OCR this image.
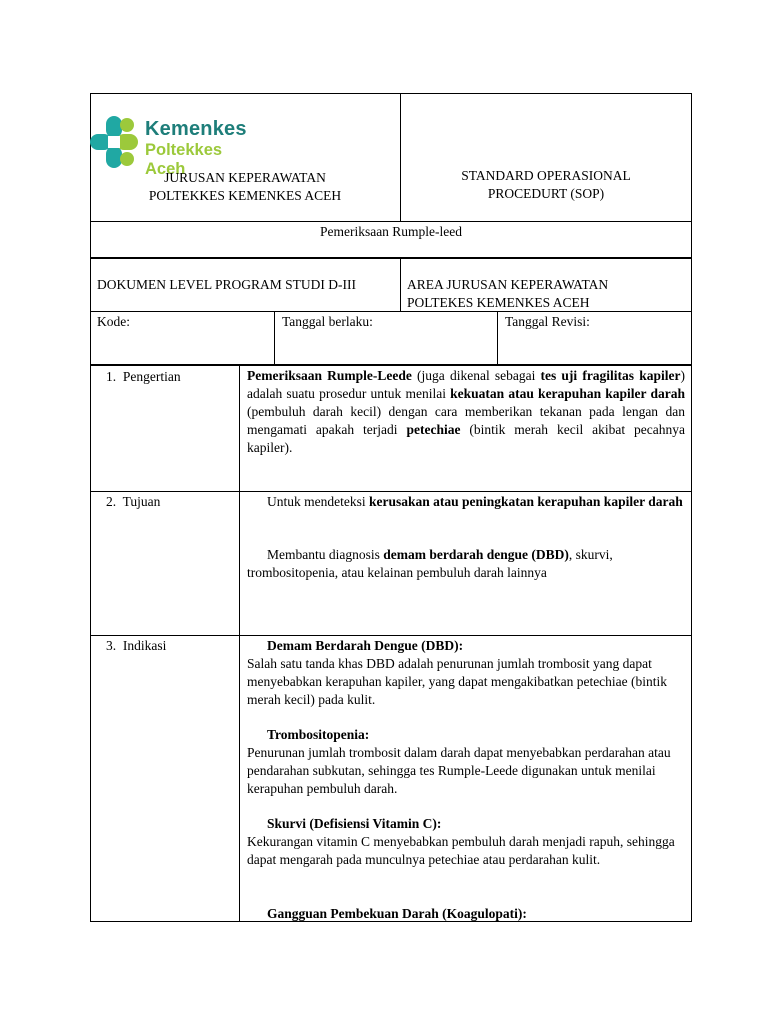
Kemenkes
Poltekkes Aceh
JURUSAN KEPERAWATAN
POLTEKKES KEMENKES ACEH
STANDARD OPERASIONAL
PROCEDURT (SOP)
Pemeriksaan Rumple-leed
DOKUMEN LEVEL PROGRAM STUDI D-III	AREA JURUSAN KEPERAWATAN
POLTEKES KEMENKES ACEH
Kode:	Tanggal berlaku:	Tanggal Revisi:
1. Pengertian	Pemeriksaan Rumple-Leede (juga dikenal sebagai tes uji fragilitas kapiler) adalah suatu prosedur untuk menilai kekuatan atau kerapuhan kapiler darah (pembuluh darah kecil) dengan cara memberikan tekanan pada lengan dan mengamati apakah terjadi petechiae (bintik merah kecil akibat pecahnya kapiler).
2. Tujuan	Untuk mendeteksi kerusakan atau peningkatan kerapuhan kapiler darah
Membantu diagnosis demam berdarah dengue (DBD), skurvi, trombositopenia, atau kelainan pembuluh darah lainnya
3. Indikasi	Demam Berdarah Dengue (DBD):
Salah satu tanda khas DBD adalah penurunan jumlah trombosit yang dapat menyebabkan kerapuhan kapiler, yang dapat mengakibatkan petechiae (bintik merah kecil) pada kulit.
Trombositopenia:
Penurunan jumlah trombosit dalam darah dapat menyebabkan perdarahan atau pendarahan subkutan, sehingga tes Rumple-Leede digunakan untuk menilai kerapuhan pembuluh darah.
Skurvi (Defisiensi Vitamin C):
Kekurangan vitamin C menyebabkan pembuluh darah menjadi rapuh, sehingga dapat mengarah pada munculnya petechiae atau perdarahan kulit.
Gangguan Pembekuan Darah (Koagulopati):
